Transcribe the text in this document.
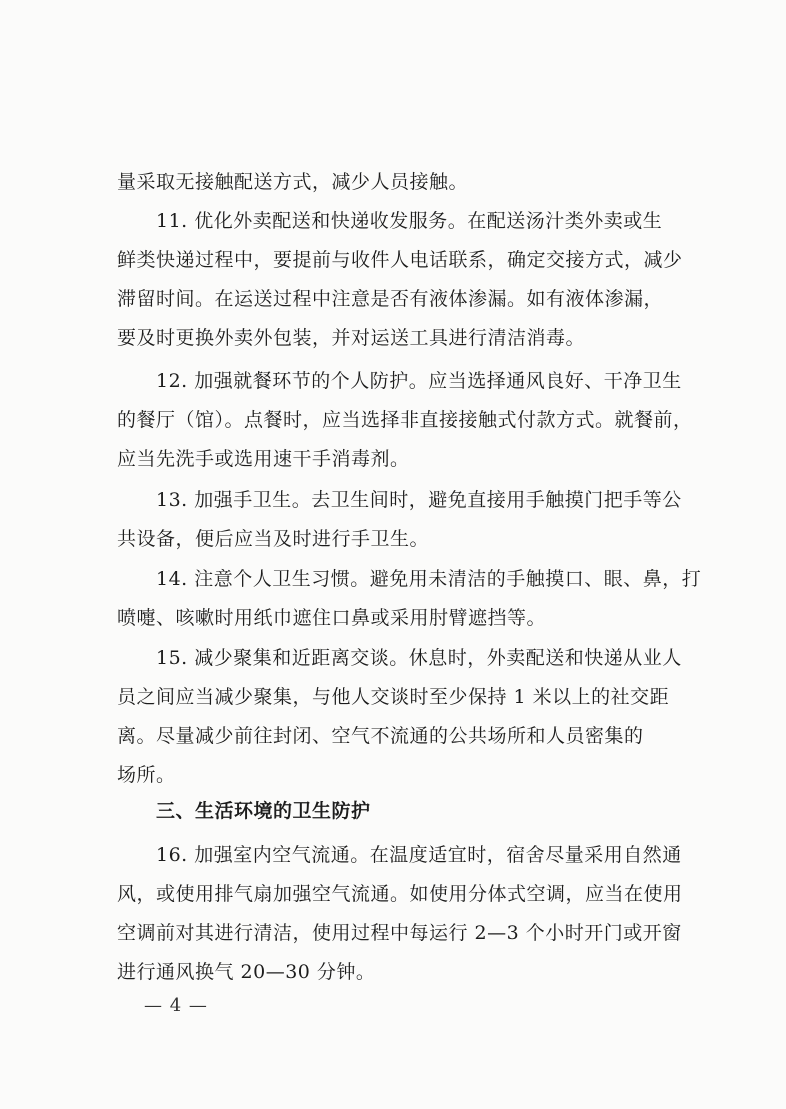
量采取无接触配送方式，减少人员接触。
11. 优化外卖配送和快递收发服务。在配送汤汁类外卖或生
鲜类快递过程中，要提前与收件人电话联系，确定交接方式，减少
滞留时间。在运送过程中注意是否有液体渗漏。如有液体渗漏，
要及时更换外卖外包装，并对运送工具进行清洁消毒。
12. 加强就餐环节的个人防护。应当选择通风良好、干净卫生
的餐厅（馆）。点餐时，应当选择非直接接触式付款方式。就餐前，
应当先洗手或选用速干手消毒剂。
13. 加强手卫生。去卫生间时，避免直接用手触摸门把手等公
共设备，便后应当及时进行手卫生。
14. 注意个人卫生习惯。避免用未清洁的手触摸口、眼、鼻，打
喷嚏、咳嗽时用纸巾遮住口鼻或采用肘臂遮挡等。
15. 减少聚集和近距离交谈。休息时，外卖配送和快递从业人
员之间应当减少聚集，与他人交谈时至少保持 1 米以上的社交距
离。尽量减少前往封闭、空气不流通的公共场所和人员密集的
场所。
三、生活环境的卫生防护
16. 加强室内空气流通。在温度适宜时，宿舍尽量采用自然通
风，或使用排气扇加强空气流通。如使用分体式空调，应当在使用
空调前对其进行清洁，使用过程中每运行 2—3 个小时开门或开窗
进行通风换气 20—30 分钟。
— 4 —
